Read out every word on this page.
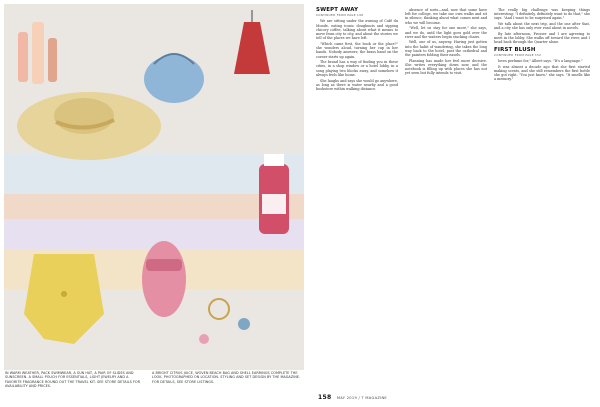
IN WARM WEATHER, PACK SWIMWEAR, A SUN HAT, A PAIR OF SLIDES AND SUNSCREEN. A SMALL POUCH FOR ESSENTIALS, LIGHT JEWELRY AND A FAVORITE FRAGRANCE ROUND OUT THE TRAVEL KIT. SEE STORE DETAILS FOR AVAILABILITY AND PRICES.
A BRIGHT CITRUS JUICE, WOVEN BEACH BAG AND SHELL EARRINGS COMPLETE THE LOOK. PHOTOGRAPHED ON LOCATION. STYLING AND SET DESIGN BY THE MAGAZINE. FOR DETAILS, SEE STORE LISTINGS.
SWEPT AWAY
CONTINUED FROM PAGE 148

We are sitting under the awning of Café du Monde, eating iconic doughnuts and sipping chicory coffee, talking about what it means to move from city to city, and about the stories we tell of the places we have left.

"Which came first, the book or the place?" she wonders aloud, turning her cup in her hands. Nobody answers; the brass band on the corner starts up again.

The brand has a way of finding you in these cities, in a shop window or a hotel lobby, in a song playing two blocks away, and somehow it always feels like home.

She laughs and says she would go anywhere, as long as there is water nearby and a good bookstore within walking distance.

absence of sorts—and, now that some have left for college, we take our own walks and sit in silence, thinking about what comes next and who we will become.

"Well, let us stay for one more," she says, and we do, until the light goes gold over the river and the waiters begin stacking chairs.

Well, one of us, anyway. Having just gotten into the habit of wandering, she takes the long way back to the hotel, past the cathedral and the painters folding their easels.

Planning has made her feel more decisive. She writes everything down now, and the notebook is filling up with places she has not yet seen but fully intends to visit.

The really big challenge was keeping things interesting: "I definitely, definitely want to do that," she says. "And I want to be surprised again."

We talk about the next trip, and the one after that, and a city she has only ever read about in novels.

By late afternoon, Prosser and I are agreeing to meet in the lobby. She walks off toward the river, and I head back through the Quarter alone.

FIRST BLUSH
CONTINUED FROM PAGE 152

loves perfume for," Albert says. "It's a language."

It was almost a decade ago that she first started making scents, and she still remembers the first bottle she got right. "You just know," she says. "It smells like a memory."

158 MAY 2019 / T MAGAZINE
